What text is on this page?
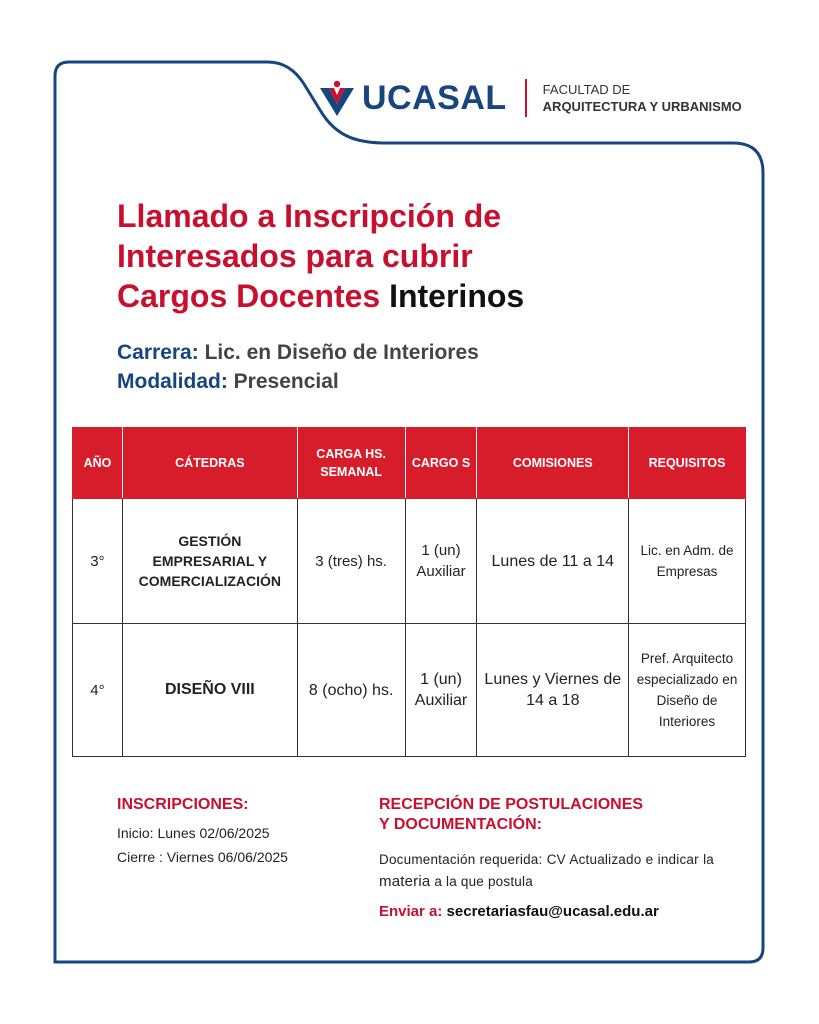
UCASAL	FACULTAD DE
ARQUITECTURA Y URBANISMO
Llamado a Inscripción de
Interesados para cubrir
Cargos Docentes Interinos
Carrera: Lic. en Diseño de Interiores
Modalidad: Presencial
AÑO	CÁTEDRAS	CARGA HS. SEMANAL	CARGO S	COMISIONES	REQUISITOS
3°	GESTIÓN EMPRESARIAL Y COMERCIALIZACIÓN	3 (tres) hs.	1 (un) Auxiliar	Lunes de 11 a 14	Lic. en Adm. de Empresas
4°	DISEÑO VIII	8 (ocho) hs.	1 (un) Auxiliar	Lunes y Viernes de 14 a 18	Pref. Arquitecto especializado en Diseño de Interiores
INSCRIPCIONES:
Inicio: Lunes 02/06/2025
Cierre : Viernes 06/06/2025
RECEPCIÓN DE POSTULACIONES
Y DOCUMENTACIÓN:
Documentación requerida: CV Actualizado e indicar la materia a la que postula
Enviar a: secretariasfau@ucasal.edu.ar
